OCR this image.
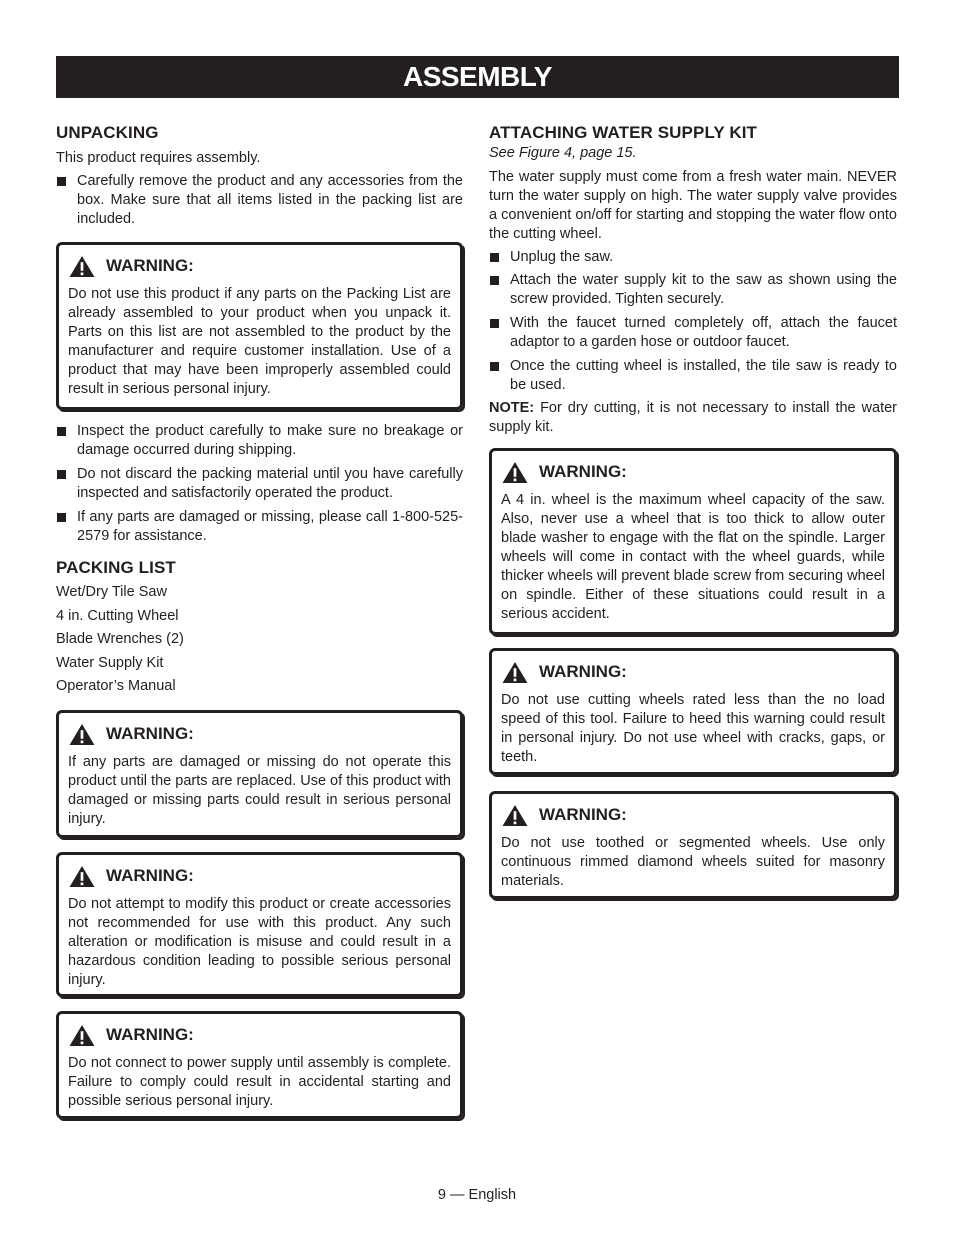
ASSEMBLY
UNPACKING

This product requires assembly.

Carefully remove the product and any accessories from the box. Make sure that all items listed in the packing list are included.
WARNING:

Do not use this product if any parts on the Packing List are already assembled to your product when you unpack it. Parts on this list are not assembled to the product by the manufacturer and require customer installation. Use of a product that may have been improperly assembled could result in serious personal injury.

Inspect the product carefully to make sure no breakage or damage occurred during shipping.
Do not discard the packing material until you have carefully inspected and satisfactorily operated the product.
If any parts are damaged or missing, please call 1-800-525-2579 for assistance.
PACKING LIST
Wet/Dry Tile Saw
4 in. Cutting Wheel
Blade Wrenches (2)
Water Supply Kit
Operator’s Manual
WARNING:

If any parts are damaged or missing do not operate this product until the parts are replaced. Use of this product with damaged or missing parts could result in serious personal injury.

WARNING:

Do not attempt to modify this product or create accessories not recommended for use with this product. Any such alteration or modification is misuse and could result in a hazardous condition leading to possible serious personal injury.

WARNING:

Do not connect to power supply until assembly is complete. Failure to comply could result in accidental starting and possible serious personal injury.

ATTACHING WATER SUPPLY KIT

See Figure 4, page 15.

The water supply must come from a fresh water main. NEVER turn the water supply on high. The water supply valve provides a convenient on/off for starting and stopping the water flow onto the cutting wheel.

Unplug the saw.
Attach the water supply kit to the saw as shown using the screw provided. Tighten securely.
With the faucet turned completely off, attach the faucet adaptor to a garden hose or outdoor faucet.
Once the cutting wheel is installed, the tile saw is ready to be used.

NOTE: For dry cutting, it is not necessary to install the water supply kit.

WARNING:

A 4 in. wheel is the maximum wheel capacity of the saw. Also, never use a wheel that is too thick to allow outer blade washer to engage with the flat on the spindle. Larger wheels will come in contact with the wheel guards, while thicker wheels will prevent blade screw from securing wheel on spindle. Either of these situations could result in a serious accident.

WARNING:

Do not use cutting wheels rated less than the no load speed of this tool. Failure to heed this warning could result in personal injury. Do not use wheel with cracks, gaps, or teeth.

WARNING:

Do not use toothed or segmented wheels. Use only continuous rimmed diamond wheels suited for masonry materials.

9 — English
